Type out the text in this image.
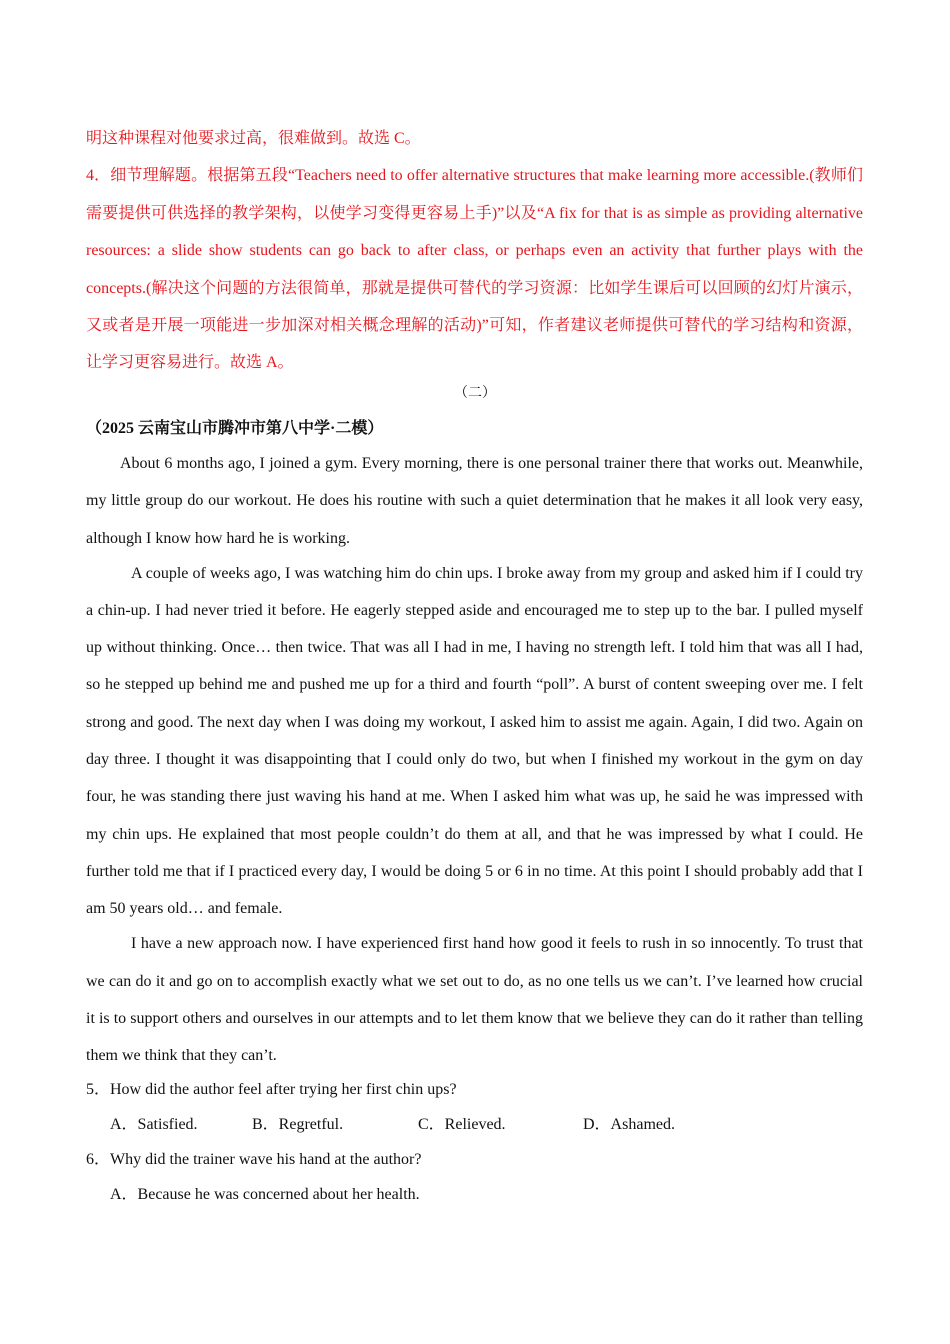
明这种课程对他要求过高，很难做到。故选 C。

4．细节理解题。根据第五段“Teachers need to offer alternative structures that make learning more accessible.(教师们需要提供可供选择的教学架构，以使学习变得更容易上手)”以及“A fix for that is as simple as providing alternative resources: a slide show students can go back to after class, or perhaps even an activity that further plays with the concepts.(解决这个问题的方法很简单，那就是提供可替代的学习资源：比如学生课后可以回顾的幻灯片演示，又或者是开展一项能进一步加深对相关概念理解的活动)”可知，作者建议老师提供可替代的学习结构和资源，让学习更容易进行。故选 A。

（二）
（2025 云南宝山市腾冲市第八中学·二模）

About 6 months ago, I joined a gym. Every morning, there is one personal trainer there that works out. Meanwhile, my little group do our workout. He does his routine with such a quiet determination that he makes it all look very easy, although I know how hard he is working.

A couple of weeks ago, I was watching him do chin ups. I broke away from my group and asked him if I could try a chin-up. I had never tried it before. He eagerly stepped aside and encouraged me to step up to the bar. I pulled myself up without thinking. Once… then twice. That was all I had in me, I having no strength left. I told him that was all I had, so he stepped up behind me and pushed me up for a third and fourth “poll”. A burst of content sweeping over me. I felt strong and good. The next day when I was doing my workout, I asked him to assist me again. Again, I did two. Again on day three. I thought it was disappointing that I could only do two, but when I finished my workout in the gym on day four, he was standing there just waving his hand at me. When I asked him what was up, he said he was impressed with my chin ups. He explained that most people couldn’t do them at all, and that he was impressed by what I could. He further told me that if I practiced every day, I would be doing 5 or 6 in no time. At this point I should probably add that I am 50 years old… and female.

I have a new approach now. I have experienced first hand how good it feels to rush in so innocently. To trust that we can do it and go on to accomplish exactly what we set out to do, as no one tells us we can’t. I’ve learned how crucial it is to support others and ourselves in our attempts and to let them know that we believe they can do it rather than telling them we think that they can’t.

5．How did the author feel after trying her first chin ups?

A．Satisfied.	B．Regretful.	C．Relieved.	D．Ashamed.

6．Why did the trainer wave his hand at the author?

A．Because he was concerned about her health.
